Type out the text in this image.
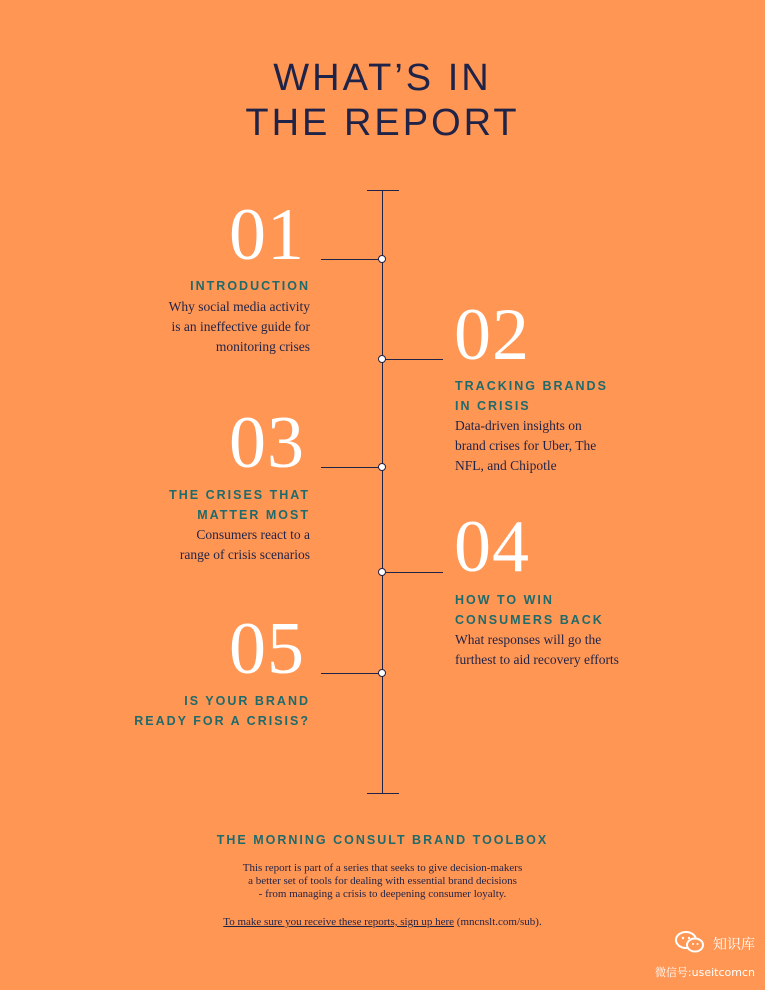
WHAT’S IN
THE REPORT
01
INTRODUCTION
Why social media activity
is an ineffective guide for
monitoring crises 02
TRACKING BRANDS
IN CRISIS
Data-driven insights on
brand crises for Uber, The
NFL, and Chipotle
03
THE CRISES THAT
MATTER MOST
Consumers react to a
range of crisis scenarios 04
HOW TO WIN
CONSUMERS BACK
What responses will go the
furthest to aid recovery efforts
05
IS YOUR BRAND
READY FOR A CRISIS?
THE MORNING CONSULT BRAND TOOLBOX
This report is part of a series that seeks to give decision-makers
a better set of tools for dealing with essential brand decisions
- from managing a crisis to deepening consumer loyalty.
To make sure you receive these reports, sign up here (mncnslt.com/sub).
知识库
微信号:useitcomcn
